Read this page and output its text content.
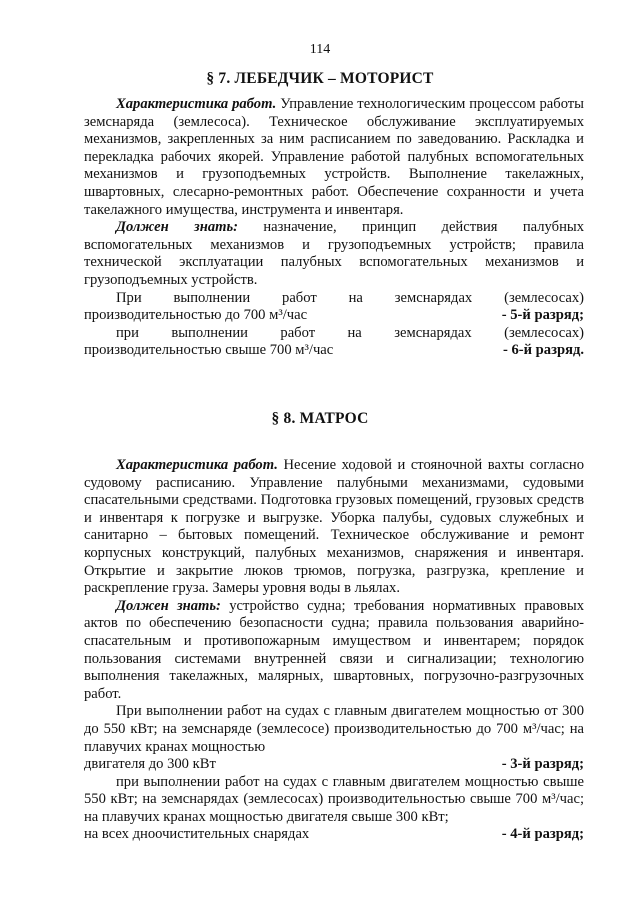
114
§ 7. ЛЕБЕДЧИК – МОТОРИСТ

Характеристика работ. Управление технологическим процессом работы земснаряда (землесоса). Техническое обслуживание эксплуатируемых механизмов, закрепленных за ним расписанием по заведованию. Раскладка и перекладка рабочих якорей. Управление работой палубных вспомогательных механизмов и грузоподъемных устройств. Выполнение такелажных, швартовных, слесарно-ремонтных работ. Обеспечение сохранности и учета такелажного имущества, инструмента и инвентаря.

Должен знать: назначение, принцип действия палубных вспомогательных механизмов и грузоподъемных устройств; правила технической эксплуатации палубных вспомогательных механизмов и грузоподъемных устройств.

При выполнении работ на земснарядах (землесосах)
производительностью до 700 м³/час	- 5-й разряд;
при выполнении работ на земснарядах (землесосах)
производительностью свыше 700 м³/час	- 6-й разряд.
§ 8. МАТРОС

Характеристика работ. Несение ходовой и стояночной вахты согласно судовому расписанию. Управление палубными механизмами, судовыми спасательными средствами. Подготовка грузовых помещений, грузовых средств и инвентаря к погрузке и выгрузке. Уборка палубы, судовых служебных и санитарно – бытовых помещений. Техническое обслуживание и ремонт корпусных конструкций, палубных механизмов, снаряжения и инвентаря. Открытие и закрытие люков трюмов, погрузка, разгрузка, крепление и раскрепление груза. Замеры уровня воды в льялах.

Должен знать: устройство судна; требования нормативных правовых актов по обеспечению безопасности судна; правила пользования аварийно-спасательным и противопожарным имуществом и инвентарем; порядок пользования системами внутренней связи и сигнализации; технологию выполнения такелажных, малярных, швартовных, погрузочно-разгрузочных работ.

При выполнении работ на судах с главным двигателем мощностью от 300 до 550 кВт; на земснаряде (землесосе) производительностью до 700 м³/час; на плавучих кранах мощностью

двигателя до 300 кВт	- 3-й разряд;

при выполнении работ на судах с главным двигателем мощностью свыше 550 кВт; на земснарядах (землесосах) производительностью свыше 700 м³/час; на плавучих кранах мощностью двигателя свыше 300 кВт;

на всех дноочистительных снарядах	- 4-й разряд;
